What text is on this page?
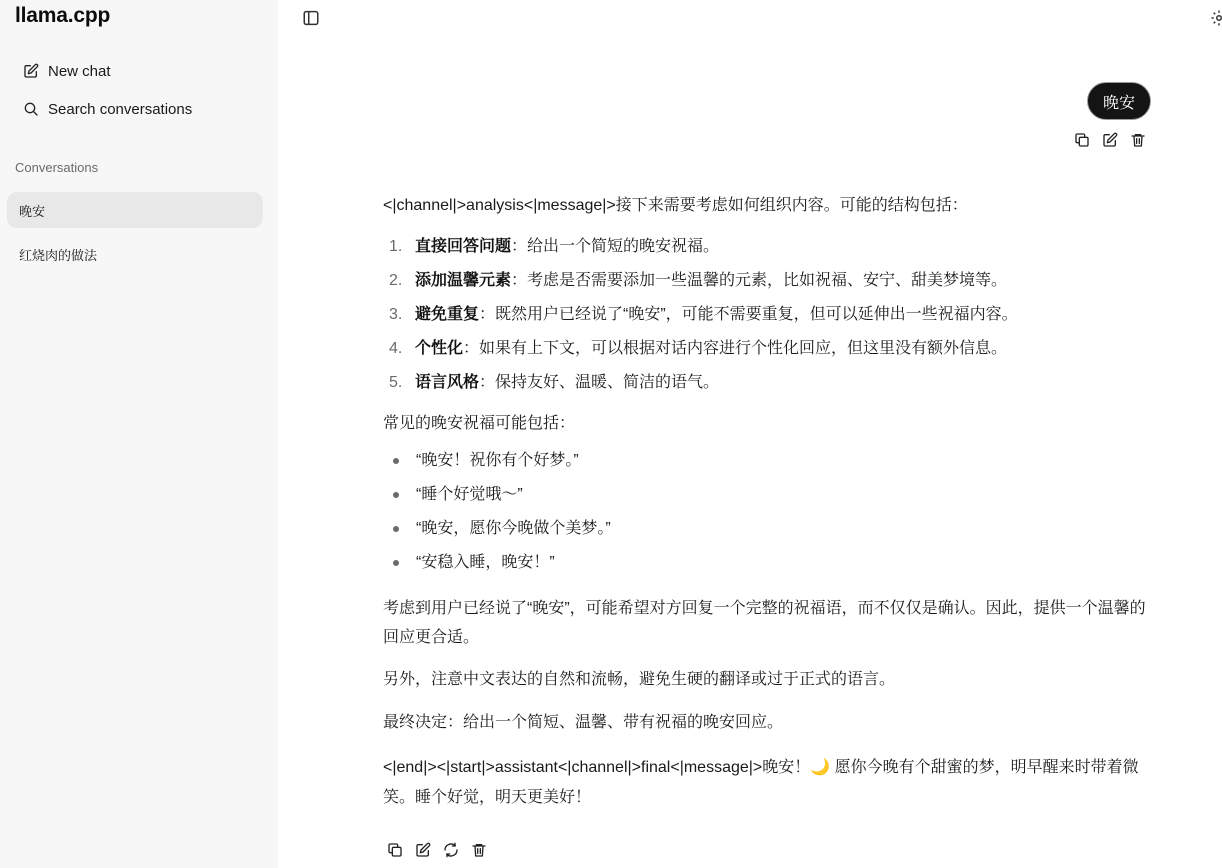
llama.cpp
New chat
Search conversations
Conversations
晚安
红烧肉的做法
晚安

<|channel|>analysis<|message|>接下来需要考虑如何组织内容。可能的结构包括：

1. 直接回答问题：给出一个简短的晚安祝福。
2. 添加温馨元素：考虑是否需要添加一些温馨的元素，比如祝福、安宁、甜美梦境等。
3. 避免重复：既然用户已经说了“晚安”，可能不需要重复，但可以延伸出一些祝福内容。
4. 个性化：如果有上下文，可以根据对话内容进行个性化回应，但这里没有额外信息。
5. 语言风格：保持友好、温暖、简洁的语气。

常见的晚安祝福可能包括：

“晚安！祝你有个好梦。”
“睡个好觉哦～”
“晚安，愿你今晚做个美梦。”
“安稳入睡，晚安！”

考虑到用户已经说了“晚安”，可能希望对方回复一个完整的祝福语，而不仅仅是确认。因此，提供一个温馨的回应更合适。

另外，注意中文表达的自然和流畅，避免生硬的翻译或过于正式的语言。

最终决定：给出一个简短、温馨、带有祝福的晚安回应。

<|end|><|start|>assistant<|channel|>final<|message|>晚安！🌙 愿你今晚有个甜蜜的梦，明早醒来时带着微笑。睡个好觉，明天更美好！
